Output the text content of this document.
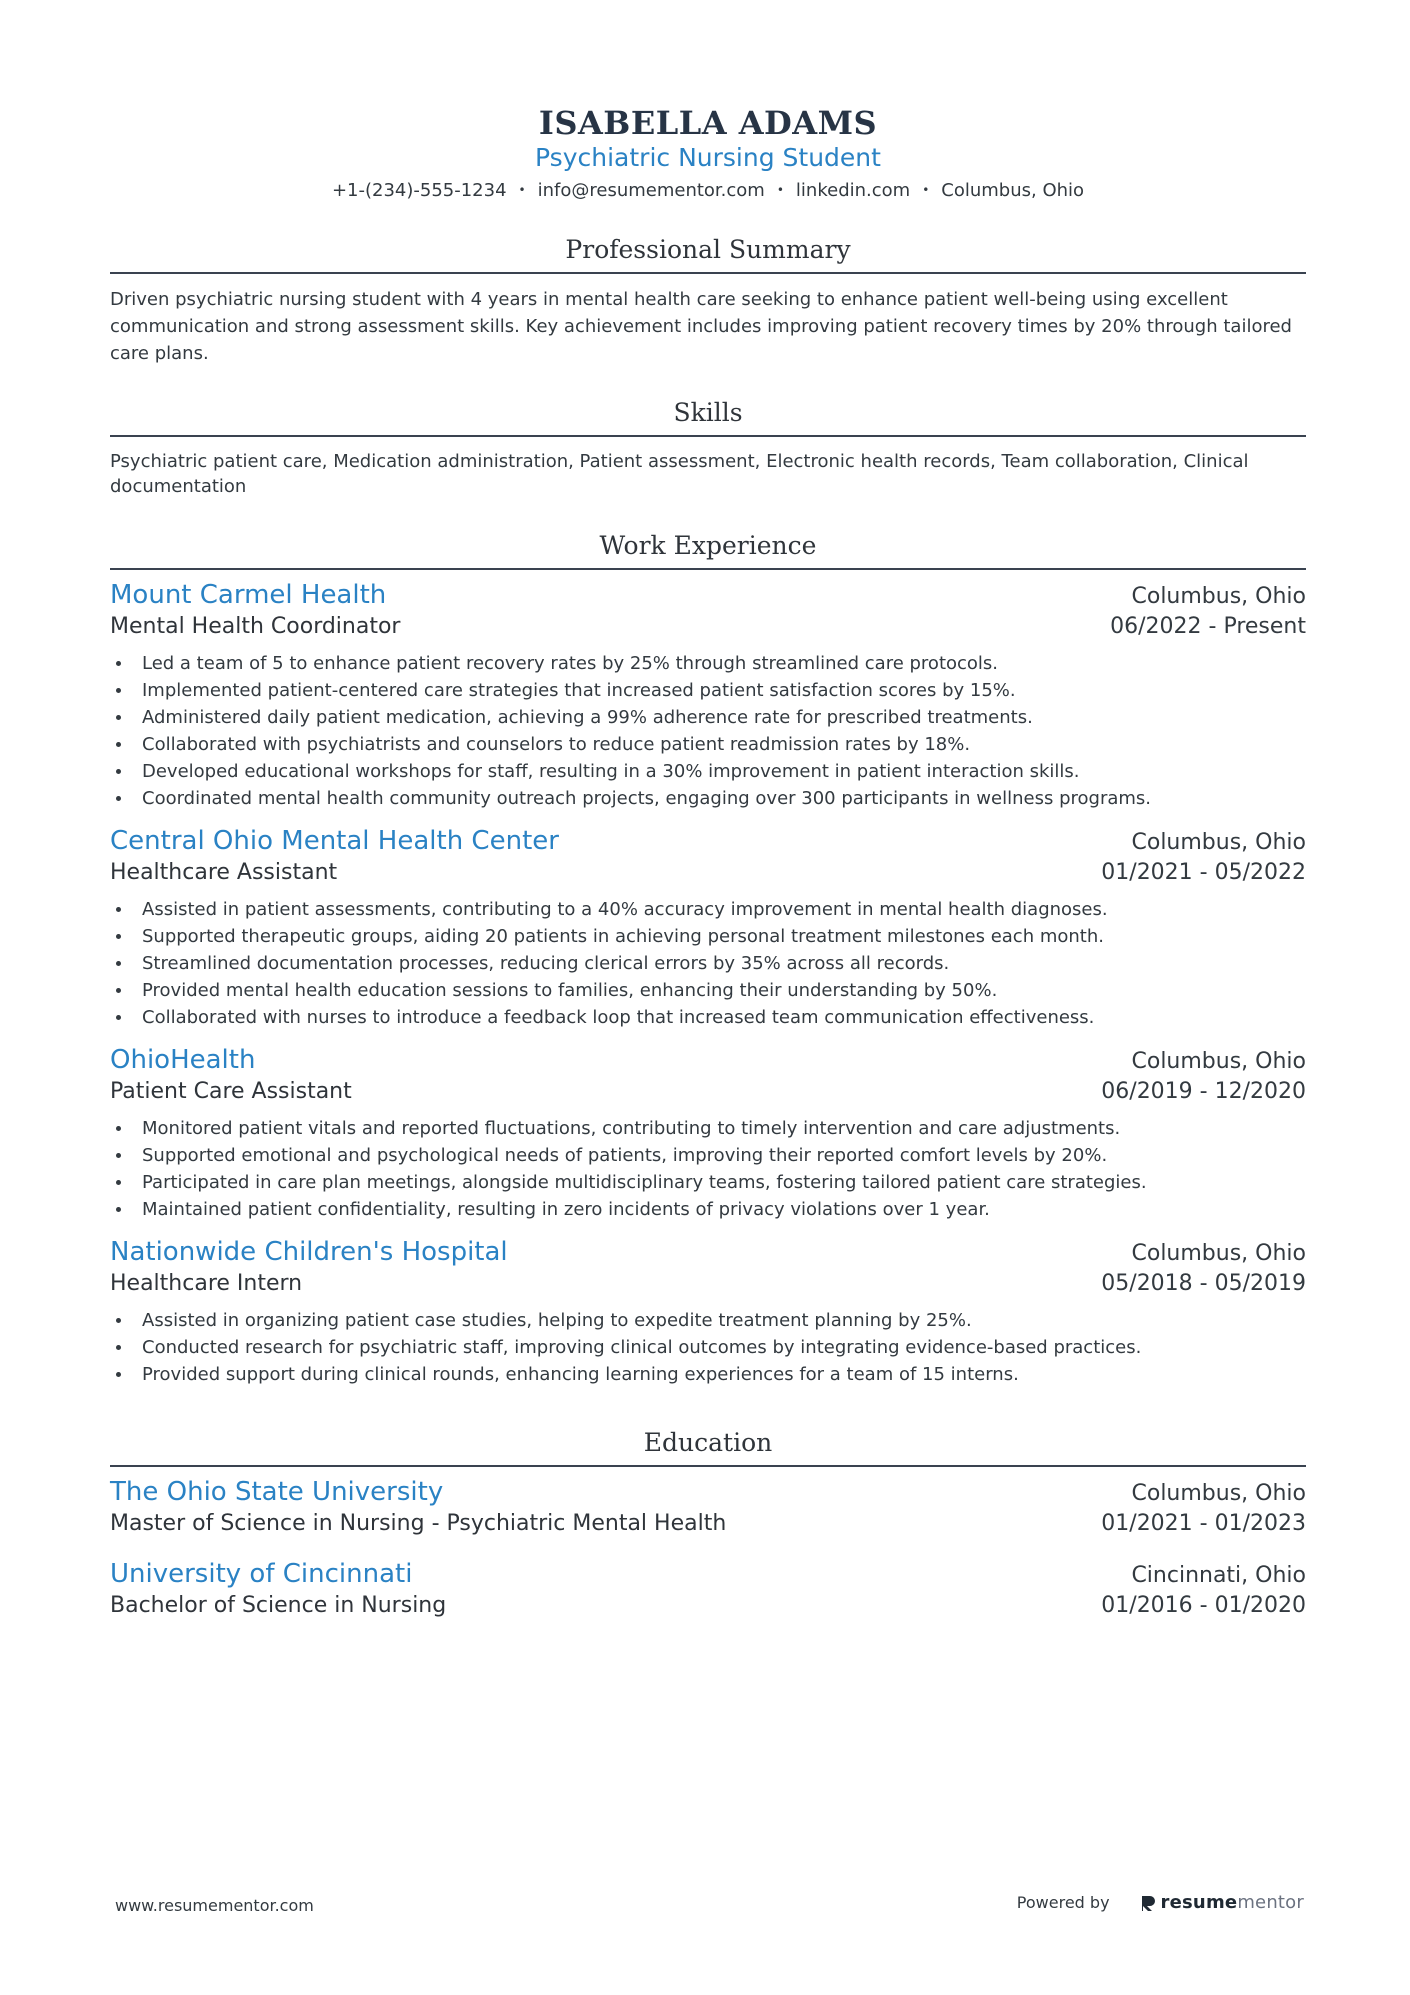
ISABELLA ADAMS
Psychiatric Nursing Student
+1-(234)-555-1234 • info@resumementor.com • linkedin.com • Columbus, Ohio
Professional Summary
Driven psychiatric nursing student with 4 years in mental health care seeking to enhance patient well-being using excellent communication and strong assessment skills. Key achievement includes improving patient recovery times by 20% through tailored care plans.
Skills
Psychiatric patient care, Medication administration, Patient assessment, Electronic health records, Team collaboration, Clinical documentation
Work Experience
Mount Carmel Health	Columbus, Ohio
Mental Health Coordinator	06/2022 - Present
Led a team of 5 to enhance patient recovery rates by 25% through streamlined care protocols.
Implemented patient-centered care strategies that increased patient satisfaction scores by 15%.
Administered daily patient medication, achieving a 99% adherence rate for prescribed treatments.
Collaborated with psychiatrists and counselors to reduce patient readmission rates by 18%.
Developed educational workshops for staff, resulting in a 30% improvement in patient interaction skills.
Coordinated mental health community outreach projects, engaging over 300 participants in wellness programs.
Central Ohio Mental Health Center	Columbus, Ohio
Healthcare Assistant	01/2021 - 05/2022
Assisted in patient assessments, contributing to a 40% accuracy improvement in mental health diagnoses.
Supported therapeutic groups, aiding 20 patients in achieving personal treatment milestones each month.
Streamlined documentation processes, reducing clerical errors by 35% across all records.
Provided mental health education sessions to families, enhancing their understanding by 50%.
Collaborated with nurses to introduce a feedback loop that increased team communication effectiveness.
OhioHealth	Columbus, Ohio
Patient Care Assistant	06/2019 - 12/2020
Monitored patient vitals and reported fluctuations, contributing to timely intervention and care adjustments.
Supported emotional and psychological needs of patients, improving their reported comfort levels by 20%.
Participated in care plan meetings, alongside multidisciplinary teams, fostering tailored patient care strategies.
Maintained patient confidentiality, resulting in zero incidents of privacy violations over 1 year.
Nationwide Children's Hospital	Columbus, Ohio
Healthcare Intern	05/2018 - 05/2019
Assisted in organizing patient case studies, helping to expedite treatment planning by 25%.
Conducted research for psychiatric staff, improving clinical outcomes by integrating evidence-based practices.
Provided support during clinical rounds, enhancing learning experiences for a team of 15 interns.
Education
The Ohio State University	Columbus, Ohio
Master of Science in Nursing - Psychiatric Mental Health	01/2021 - 01/2023
University of Cincinnati	Cincinnati, Ohio
Bachelor of Science in Nursing	01/2016 - 01/2020
www.resumementor.com	Powered by	resume mentor
